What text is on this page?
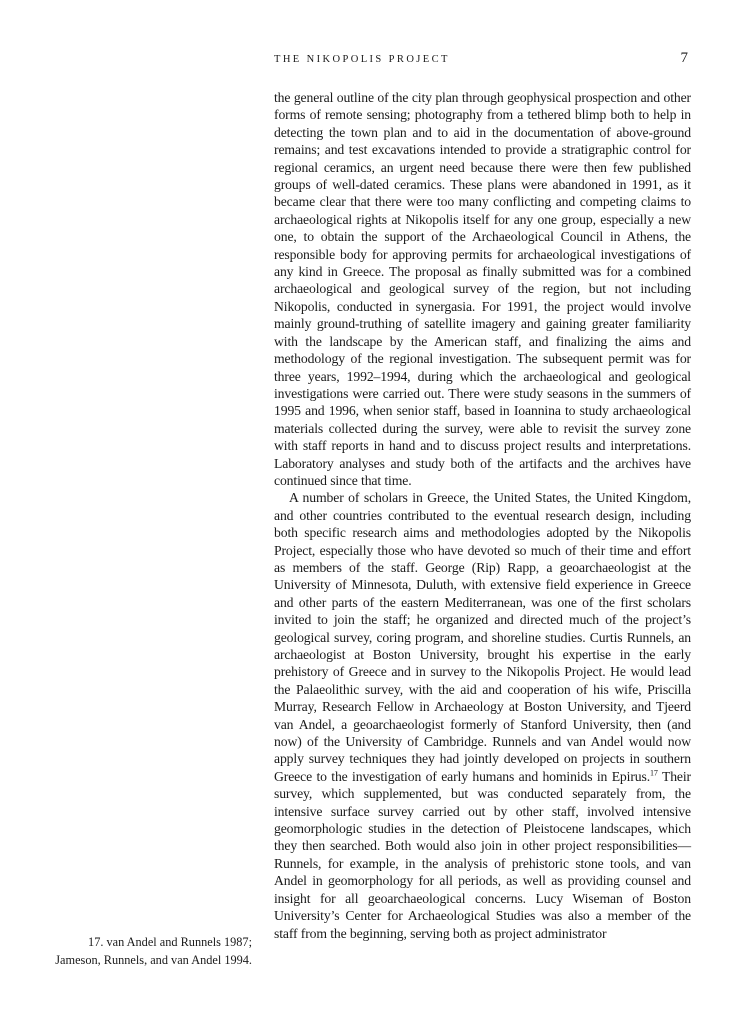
THE NIKOPOLIS PROJECT	7

the general outline of the city plan through geophysical prospection and other forms of remote sensing; photography from a tethered blimp both to help in detecting the town plan and to aid in the documentation of above-ground remains; and test excavations intended to provide a stratigraphic control for regional ceramics, an urgent need because there were then few published groups of well-dated ceramics. These plans were abandoned in 1991, as it became clear that there were too many conflicting and competing claims to archaeological rights at Nikopolis itself for any one group, especially a new one, to obtain the support of the Archaeological Council in Athens, the responsible body for approving permits for archaeological investigations of any kind in Greece. The proposal as finally submitted was for a combined archaeological and geological survey of the region, but not including Nikopolis, conducted in synergasia. For 1991, the project would involve mainly ground-truthing of satellite imagery and gaining greater familiarity with the landscape by the American staff, and finalizing the aims and methodology of the regional investigation. The subsequent permit was for three years, 1992–1994, during which the archaeological and geological investigations were carried out. There were study seasons in the summers of 1995 and 1996, when senior staff, based in Ioannina to study archaeological materials collected during the survey, were able to revisit the survey zone with staff reports in hand and to discuss project results and interpretations. Laboratory analyses and study both of the artifacts and the archives have continued since that time.

A number of scholars in Greece, the United States, the United Kingdom, and other countries contributed to the eventual research design, including both specific research aims and methodologies adopted by the Nikopolis Project, especially those who have devoted so much of their time and effort as members of the staff. George (Rip) Rapp, a geoarchaeologist at the University of Minnesota, Duluth, with extensive field experience in Greece and other parts of the eastern Mediterranean, was one of the first scholars invited to join the staff; he organized and directed much of the project’s geological survey, coring program, and shoreline studies. Curtis Runnels, an archaeologist at Boston University, brought his expertise in the early prehistory of Greece and in survey to the Nikopolis Project. He would lead the Palaeolithic survey, with the aid and cooperation of his wife, Priscilla Murray, Research Fellow in Archaeology at Boston University, and Tjeerd van Andel, a geoarchaeologist formerly of Stanford University, then (and now) of the University of Cambridge. Runnels and van Andel would now apply survey techniques they had jointly developed on projects in southern Greece to the investigation of early humans and hominids in Epirus.$^{17}$ Their survey, which supplemented, but was conducted separately from, the intensive surface survey carried out by other staff, involved intensive geomorphologic studies in the detection of Pleistocene landscapes, which they then searched. Both would also join in other project responsibilities—Runnels, for example, in the analysis of prehistoric stone tools, and van Andel in geomorphology for all periods, as well as providing counsel and insight for all geoarchaeological concerns. Lucy Wiseman of Boston University’s Center for Archaeological Studies was also a member of the staff from the beginning, serving both as project administrator

17. van Andel and Runnels 1987;
Jameson, Runnels, and van Andel 1994.
